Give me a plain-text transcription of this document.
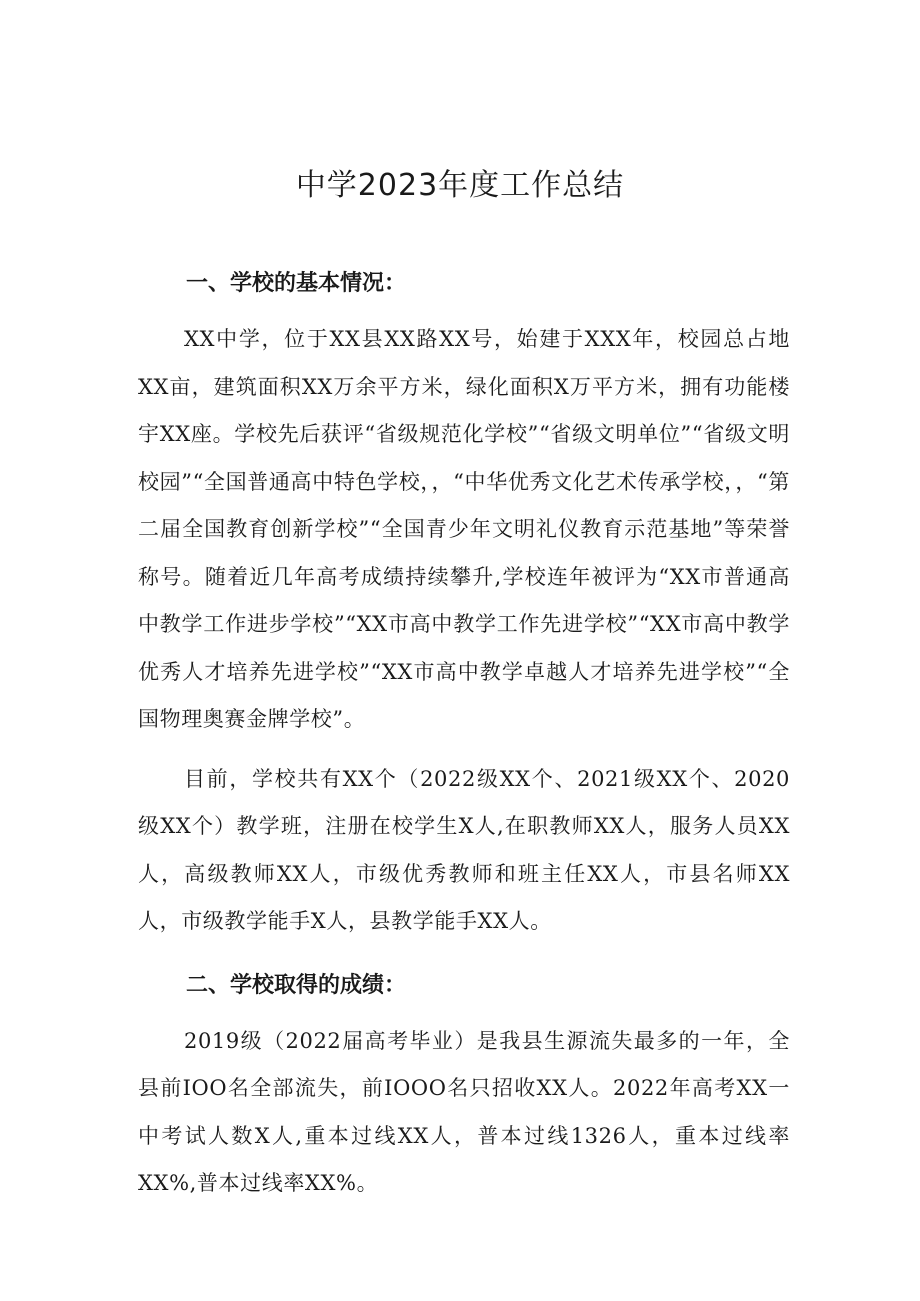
中学2023年度工作总结
一、学校的基本情况：

XX中学，位于XX县XX路XX号，始建于XXX年，校园总占地XX亩，建筑面积XX万余平方米，绿化面积X万平方米，拥有功能楼宇XX座。学校先后获评“省级规范化学校”“省级文明单位”“省级文明校园”“全国普通高中特色学校，，“中华优秀文化艺术传承学校，，“第二届全国教育创新学校”“全国青少年文明礼仪教育示范基地”等荣誉称号。随着近几年高考成绩持续攀升,学校连年被评为“XX市普通高中教学工作进步学校”“XX市高中教学工作先进学校”“XX市高中教学优秀人才培养先进学校”“XX市高中教学卓越人才培养先进学校”“全国物理奥赛金牌学校”。

目前，学校共有XX个（2022级XX个、2021级XX个、2020级XX个）教学班，注册在校学生X人,在职教师XX人，服务人员XX人，高级教师XX人，市级优秀教师和班主任XX人，市县名师XX人，市级教学能手X人，县教学能手XX人。

二、学校取得的成绩：

2019级（2022届高考毕业）是我县生源流失最多的一年，全县前IOO名全部流失，前IOOO名只招收XX人。2022年高考XX一中考试人数X人,重本过线XX人，普本过线1326人，重本过线率XX%,普本过线率XX%。
